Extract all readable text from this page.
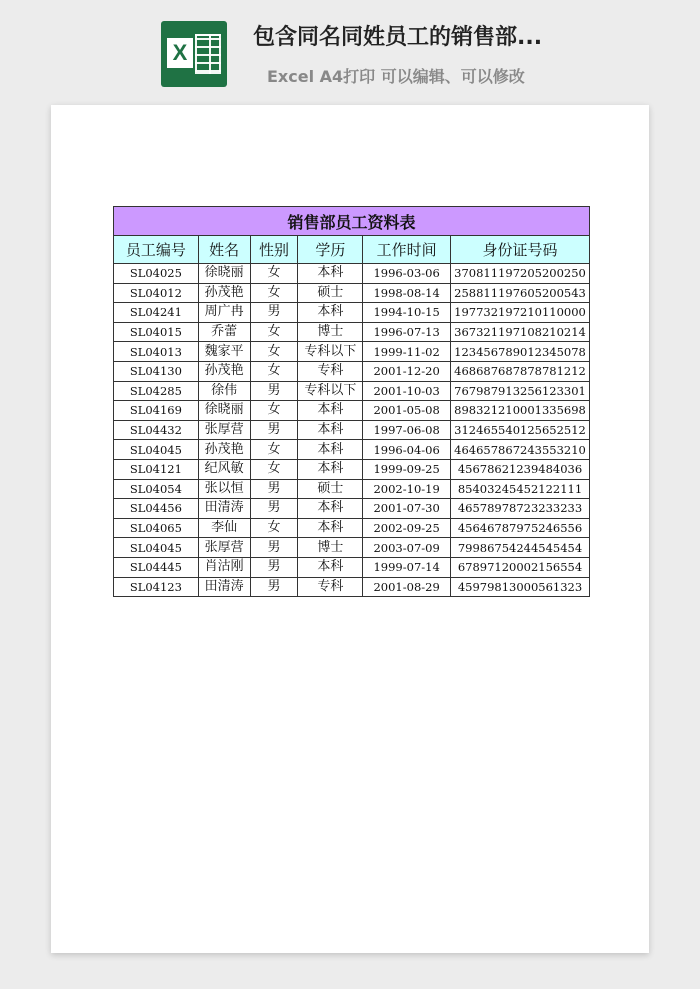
X
包含同名同姓员工的销售部...
Excel A4打印 可以编辑、可以修改
销售部员工资料表					
员工编号	姓名	性别	学历	工作时间	身份证号码
SL04025	徐晓丽	女	本科	1996-03-06	370811197205200250
SL04012	孙茂艳	女	硕士	1998-08-14	258811197605200543
SL04241	周广冉	男	本科	1994-10-15	197732197210110000
SL04015	乔蕾	女	博士	1996-07-13	367321197108210214
SL04013	魏家平	女	专科以下	1999-11-02	123456789012345078
SL04130	孙茂艳	女	专科	2001-12-20	468687687878781212
SL04285	徐伟	男	专科以下	2001-10-03	767987913256123301
SL04169	徐晓丽	女	本科	2001-05-08	898321210001335698
SL04432	张厚营	男	本科	1997-06-08	312465540125652512
SL04045	孙茂艳	女	本科	1996-04-06	464657867243553210
SL04121	纪风敏	女	本科	1999-09-25	45678621239484036
SL04054	张以恒	男	硕士	2002-10-19	85403245452122111
SL04456	田清涛	男	本科	2001-07-30	46578978723233233
SL04065	李仙	女	本科	2002-09-25	45646787975246556
SL04045	张厚营	男	博士	2003-07-09	79986754244545454
SL04445	肖沽刚	男	本科	1999-07-14	67897120002156554
SL04123	田清涛	男	专科	2001-08-29	45979813000561323
